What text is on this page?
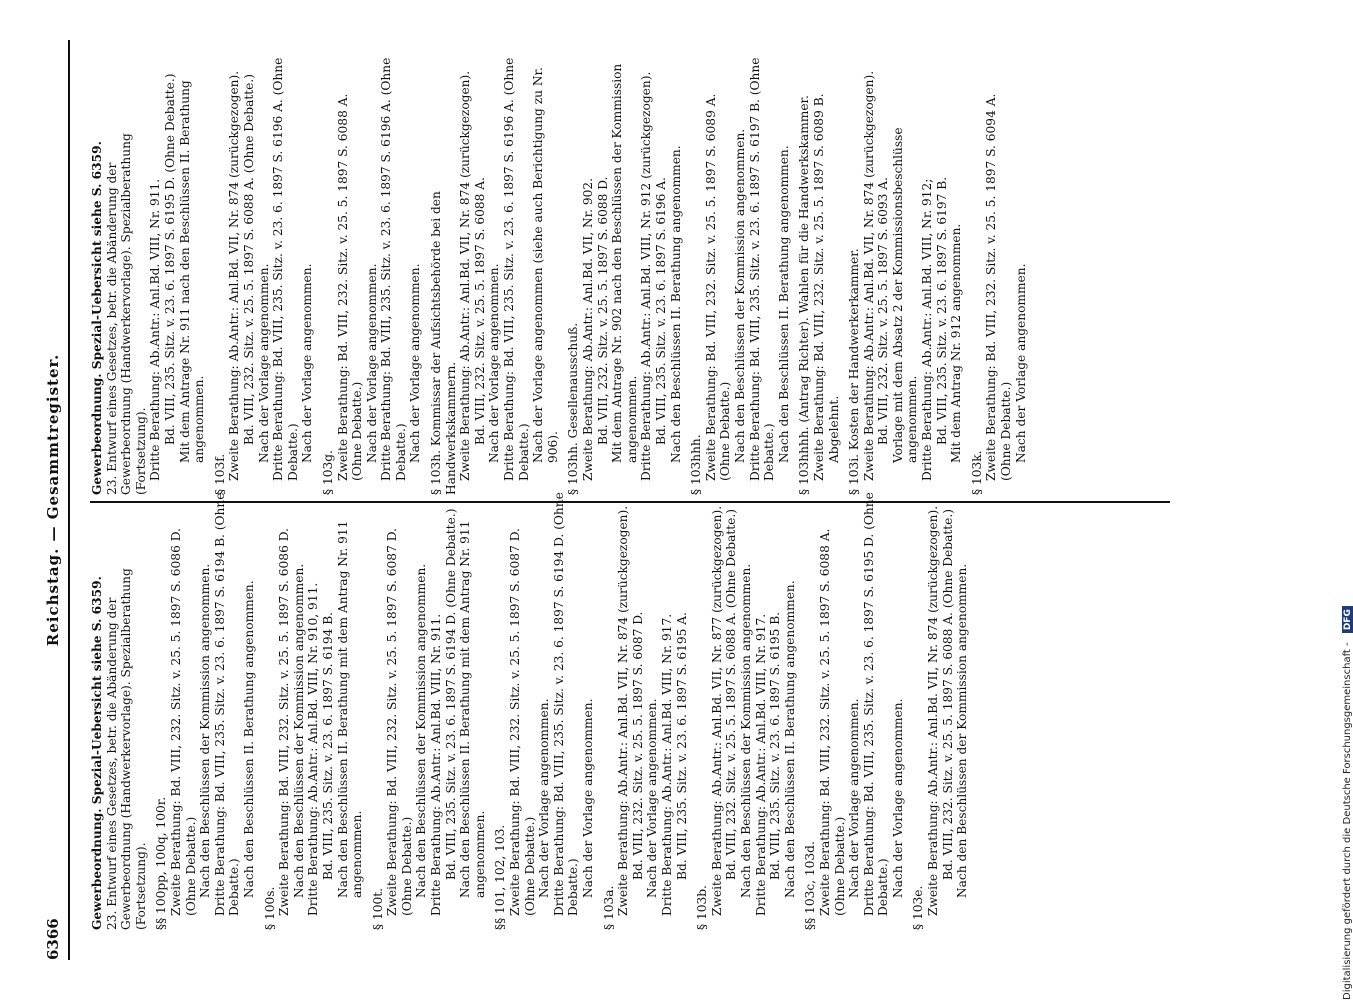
6366
Reichstag. — Gesammtregister.

Gewerbeordnung. Spezial-Uebersicht siehe S. 6359. 23. Entwurf eines Gesetzes, betr. die Abänderung der Gewerbeordnung (Handwerkervorlage). Spezialberathung (Fortsetzung). §§ 100pp, 100q, 100r. Zweite Berathung: Bd. VIII, 232. Sitz. v. 25. 5. 1897 S. 6086 D. (Ohne Debatte.) Nach den Beschlüssen der Kommission angenommen. Dritte Berathung: Bd. VIII, 235. Sitz. v. 23. 6. 1897 S. 6194 B. (Ohne Debatte.) Nach den Beschlüssen II. Berathung angenommen.

§ 100s. Zweite Berathung: Bd. VIII, 232. Sitz. v. 25. 5. 1897 S. 6086 D. Nach den Beschlüssen der Kommission angenommen. Dritte Berathung: Ab.Antr.: Anl.Bd. VIII, Nr. 910, 911. Bd. VIII, 235. Sitz. v. 23. 6. 1897 S. 6194 B. Nach den Beschlüssen II. Berathung mit dem Antrag Nr. 911 angenommen.

§ 100t. Zweite Berathung: Bd. VIII, 232. Sitz. v. 25. 5. 1897 S. 6087 D. (Ohne Debatte.) Nach den Beschlüssen der Kommission angenommen. Dritte Berathung: Ab.Antr.: Anl.Bd. VIII, Nr. 911. Bd. VIII, 235. Sitz. v. 23. 6. 1897 S. 6194 D. (Ohne Debatte.) Nach den Beschlüssen II. Berathung mit dem Antrag Nr. 911 angenommen. §§ 101, 102, 103. Zweite Berathung: Bd. VIII, 232. Sitz. v. 25. 5. 1897 S. 6087 D. (Ohne Debatte.) Nach der Vorlage angenommen. Dritte Berathung: Bd. VIII, 235. Sitz. v. 23. 6. 1897 S. 6194 D. (Ohne Debatte.) Nach der Vorlage angenommen.

§ 103a. Zweite Berathung: Ab.Antr.: Anl.Bd. VII, Nr. 874 (zurückgezogen). Bd. VIII, 232. Sitz. v. 25. 5. 1897 S. 6087 D. Nach der Vorlage angenommen. Dritte Berathung: Ab.Antr.: Anl.Bd. VIII, Nr. 917. Bd. VIII, 235. Sitz. v. 23. 6. 1897 S. 6195 A.

§ 103b. Zweite Berathung: Ab.Antr.: Anl.Bd. VII, Nr. 877 (zurückgezogen). Bd. VIII, 232. Sitz. v. 25. 5. 1897 S. 6088 A. (Ohne Debatte.) Nach den Beschlüssen der Kommission angenommen. Dritte Berathung: Ab.Antr.: Anl.Bd. VIII, Nr. 917. Bd. VIII, 235. Sitz. v. 23. 6. 1897 S. 6195 B. Nach den Beschlüssen II. Berathung angenommen. §§ 103c, 103d. Zweite Berathung: Bd. VIII, 232. Sitz. v. 25. 5. 1897 S. 6088 A. (Ohne Debatte.) Nach der Vorlage angenommen. Dritte Berathung: Bd. VIII, 235. Sitz. v. 23. 6. 1897 S. 6195 D. (Ohne Debatte.) Nach der Vorlage angenommen.

§ 103e. Zweite Berathung: Ab.Antr.: Anl.Bd. VII, Nr. 874 (zurückgezogen). Bd. VIII, 232. Sitz. v. 25. 5. 1897 S. 6088 A. (Ohne Debatte.) Nach den Beschlüssen der Kommission angenommen.

Gewerbeordnung. Spezial-Uebersicht siehe S. 6359. 23. Entwurf eines Gesetzes, betr. die Abänderung der Gewerbeordnung (Handwerkervorlage). Spezialberathung (Fortsetzung). Dritte Berathung: Ab.Antr.: Anl.Bd. VIII, Nr. 911. Bd. VIII, 235. Sitz. v. 23. 6. 1897 S. 6195 D. (Ohne Debatte.) Mit dem Antrage Nr. 911 nach den Beschlüssen II. Berathung angenommen.

§ 103f. Zweite Berathung: Ab.Antr.: Anl.Bd. VII, Nr. 874 (zurückgezogen). Bd. VIII, 232. Sitz. v. 25. 5. 1897 S. 6088 A. (Ohne Debatte.) Nach der Vorlage angenommen. Dritte Berathung: Bd. VIII, 235. Sitz. v. 23. 6. 1897 S. 6196 A. (Ohne Debatte.) Nach der Vorlage angenommen.

§ 103g. Zweite Berathung: Bd. VIII, 232. Sitz. v. 25. 5. 1897 S. 6088 A. (Ohne Debatte.) Nach der Vorlage angenommen. Dritte Berathung: Bd. VIII, 235. Sitz. v. 23. 6. 1897 S. 6196 A. (Ohne Debatte.) Nach der Vorlage angenommen. § 103h. Kommissar der Aufsichtsbehörde bei den Handwerkskammern. Zweite Berathung: Ab.Antr.: Anl.Bd. VII, Nr. 874 (zurückgezogen). Bd. VIII, 232. Sitz. v. 25. 5. 1897 S. 6088 A. Nach der Vorlage angenommen. Dritte Berathung: Bd. VIII, 235. Sitz. v. 23. 6. 1897 S. 6196 A. (Ohne Debatte.) Nach der Vorlage angenommen (siehe auch Berichtigung zu Nr. 906). § 103hh. Gesellenausschuß. Zweite Berathung: Ab.Antr.: Anl.Bd. VII, Nr. 902. Bd. VIII, 232. Sitz. v. 25. 5. 1897 S. 6088 D. Mit dem Antrage Nr. 902 nach den Beschlüssen der Kommission angenommen. Dritte Berathung: Ab.Antr.: Anl.Bd. VIII, Nr. 912 (zurückgezogen). Bd. VIII, 235. Sitz. v. 23. 6. 1897 S. 6196 A. Nach den Beschlüssen II. Berathung angenommen.

§ 103hhh. Zweite Berathung: Bd. VIII, 232. Sitz. v. 25. 5. 1897 S. 6089 A. (Ohne Debatte.) Nach den Beschlüssen der Kommission angenommen. Dritte Berathung: Bd. VIII, 235. Sitz. v. 23. 6. 1897 S. 6197 B. (Ohne Debatte.) Nach den Beschlüssen II. Berathung angenommen. § 103hhhh. (Antrag Richter). Wahlen für die Handwerkskammer. Zweite Berathung: Bd. VIII, 232. Sitz. v. 25. 5. 1897 S. 6089 B. Abgelehnt. § 103i. Kosten der Handwerkerkammer. Zweite Berathung: Ab.Antr.: Anl.Bd. VII, Nr. 874 (zurückgezogen). Bd. VIII, 232. Sitz. v. 25. 5. 1897 S. 6093 A. Vorlage mit dem Absatz 2 der Kommissionsbeschlüsse angenommen. Dritte Berathung: Ab.Antr.: Anl.Bd. VIII, Nr. 912; Bd. VIII, 235. Sitz. v. 23. 6. 1897 S. 6197 B. Mit dem Antrag Nr. 912 angenommen.

§ 103k. Zweite Berathung: Bd. VIII, 232. Sitz. v. 25. 5. 1897 S. 6094 A. (Ohne Debatte.) Nach der Vorlage angenommen.

Digitalisierung gefördert durch die Deutsche Forschungsgemeinschaft - DFG
